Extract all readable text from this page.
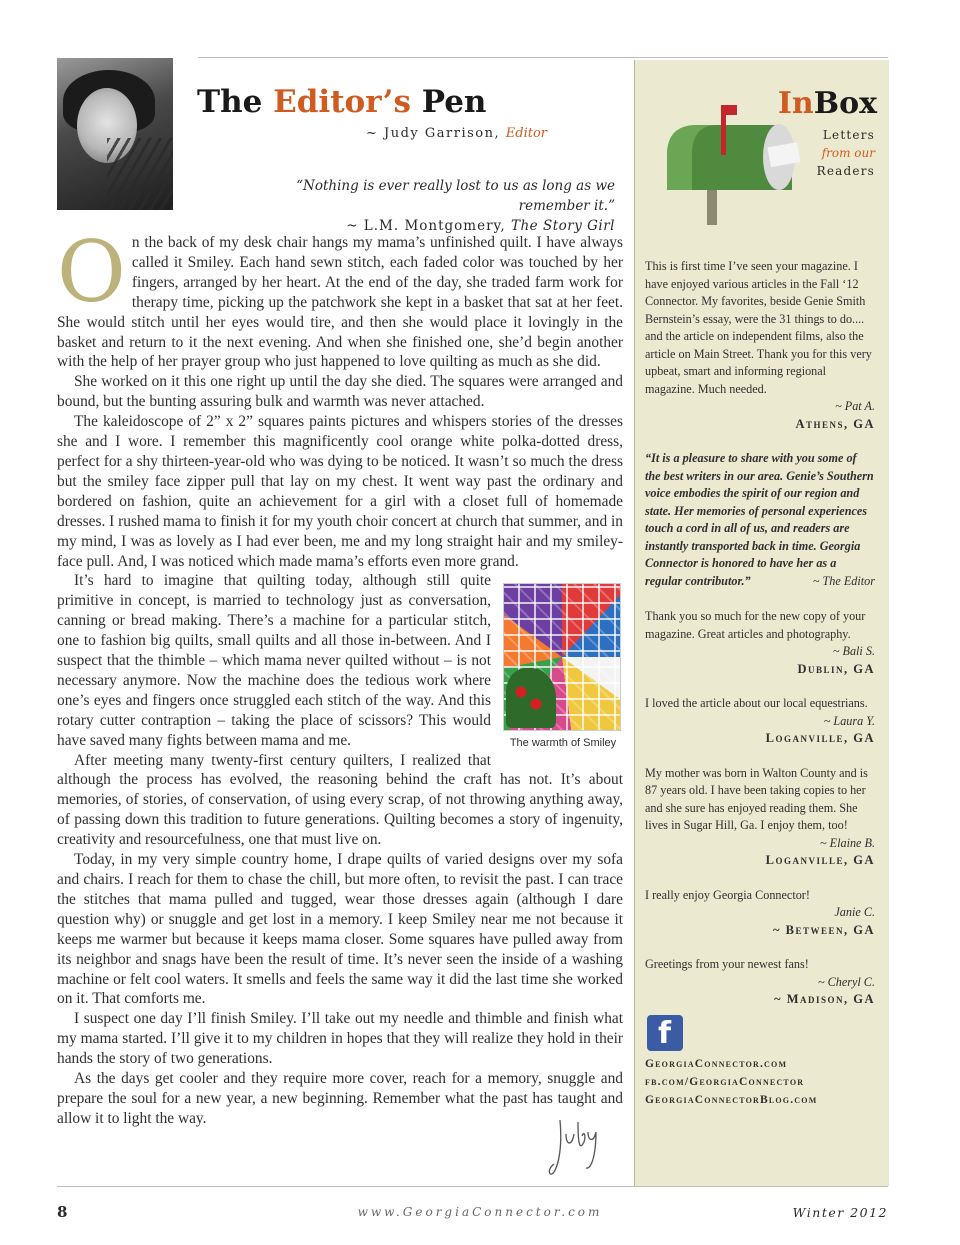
The Editor’s Pen
~ Judy Garrison, Editor
“Nothing is ever really lost to us as long as we remember it.”
~ L.M. Montgomery, The Story Girl

On the back of my desk chair hangs my mama’s unfinished quilt. I have always called it Smiley. Each hand sewn stitch, each faded color was touched by her fingers, arranged by her heart. At the end of the day, she traded farm work for therapy time, picking up the patchwork she kept in a basket that sat at her feet. She would stitch until her eyes would tire, and then she would place it lovingly in the basket and return to it the next evening. And when she finished one, she’d begin another with the help of her prayer group who just happened to love quilting as much as she did.

She worked on it this one right up until the day she died. The squares were arranged and bound, but the bunting assuring bulk and warmth was never attached.

The kaleidoscope of 2” x 2” squares paints pictures and whispers stories of the dresses she and I wore. I remember this magnificently cool orange white polka-dotted dress, perfect for a shy thirteen-year-old who was dying to be noticed. It wasn’t so much the dress but the smiley face zipper pull that lay on my chest. It went way past the ordinary and bordered on fashion, quite an achievement for a girl with a closet full of homemade dresses. I rushed mama to finish it for my youth choir concert at church that summer, and in my mind, I was as lovely as I had ever been, me and my long straight hair and my smiley-face pull. And, I was noticed which made mama’s efforts even more grand.

The warmth of Smiley

It’s hard to imagine that quilting today, although still quite primitive in concept, is married to technology just as conversation, canning or bread making. There’s a machine for a particular stitch, one to fashion big quilts, small quilts and all those in-between. And I suspect that the thimble – which mama never quilted without – is not necessary anymore. Now the machine does the tedious work where one’s eyes and fingers once struggled each stitch of the way. And this rotary cutter contraption – taking the place of scissors? This would have saved many fights between mama and me.

After meeting many twenty-first century quilters, I realized that although the process has evolved, the reasoning behind the craft has not. It’s about memories, of stories, of conservation, of using every scrap, of not throwing anything away, of passing down this tradition to future generations. Quilting becomes a story of ingenuity, creativity and resourcefulness, one that must live on.

Today, in my very simple country home, I drape quilts of varied designs over my sofa and chairs. I reach for them to chase the chill, but more often, to revisit the past. I can trace the stitches that mama pulled and tugged, wear those dresses again (although I dare question why) or snuggle and get lost in a memory. I keep Smiley near me not because it keeps me warmer but because it keeps mama closer. Some squares have pulled away from its neighbor and snags have been the result of time. It’s never seen the inside of a washing machine or felt cool waters. It smells and feels the same way it did the last time she worked on it. That comforts me.

I suspect one day I’ll finish Smiley. I’ll take out my needle and thimble and finish what my mama started. I’ll give it to my children in hopes that they will realize they hold in their hands the story of two generations.

As the days get cooler and they require more cover, reach for a memory, snuggle and prepare the soul for a new year, a new beginning. Remember what the past has taught and allow it to light the way.

InBox
Letters
from our
Readers
This is first time I’ve seen your magazine. I have enjoyed various articles in the Fall ‘12 Connector. My favorites, beside Genie Smith Bernstein’s essay, were the 31 things to do.... and the article on independent films, also the article on Main Street. Thank you for this very upbeat, smart and informing regional magazine. Much needed.
~ Pat A.
Athens, GA
“It is a pleasure to share with you some of the best writers in our area. Genie’s Southern voice embodies the spirit of our region and state. Her memories of personal experiences touch a cord in all of us, and readers are instantly transported back in time. Georgia Connector is honored to have her as a regular contributor.”	~ The Editor
Thank you so much for the new copy of your magazine. Great articles and photography.
~ Bali S.
Dublin, GA
I loved the article about our local equestrians.
~ Laura Y.
Loganville, GA
My mother was born in Walton County and is 87 years old. I have been taking copies to her and she sure has enjoyed reading them. She lives in Sugar Hill, Ga. I enjoy them, too!
~ Elaine B.
Loganville, GA
I really enjoy Georgia Connector!
Janie C.
~ Betwеen, GA
Greetings from your newest fans!
~ Cheryl C.
~ Madison, GA
f
GeorgiaConnector.com
fb.com/GeorgiaConnector
GeorgiaConnectorBlog.com
8	www.GeorgiaConnector.com	Winter 2012
